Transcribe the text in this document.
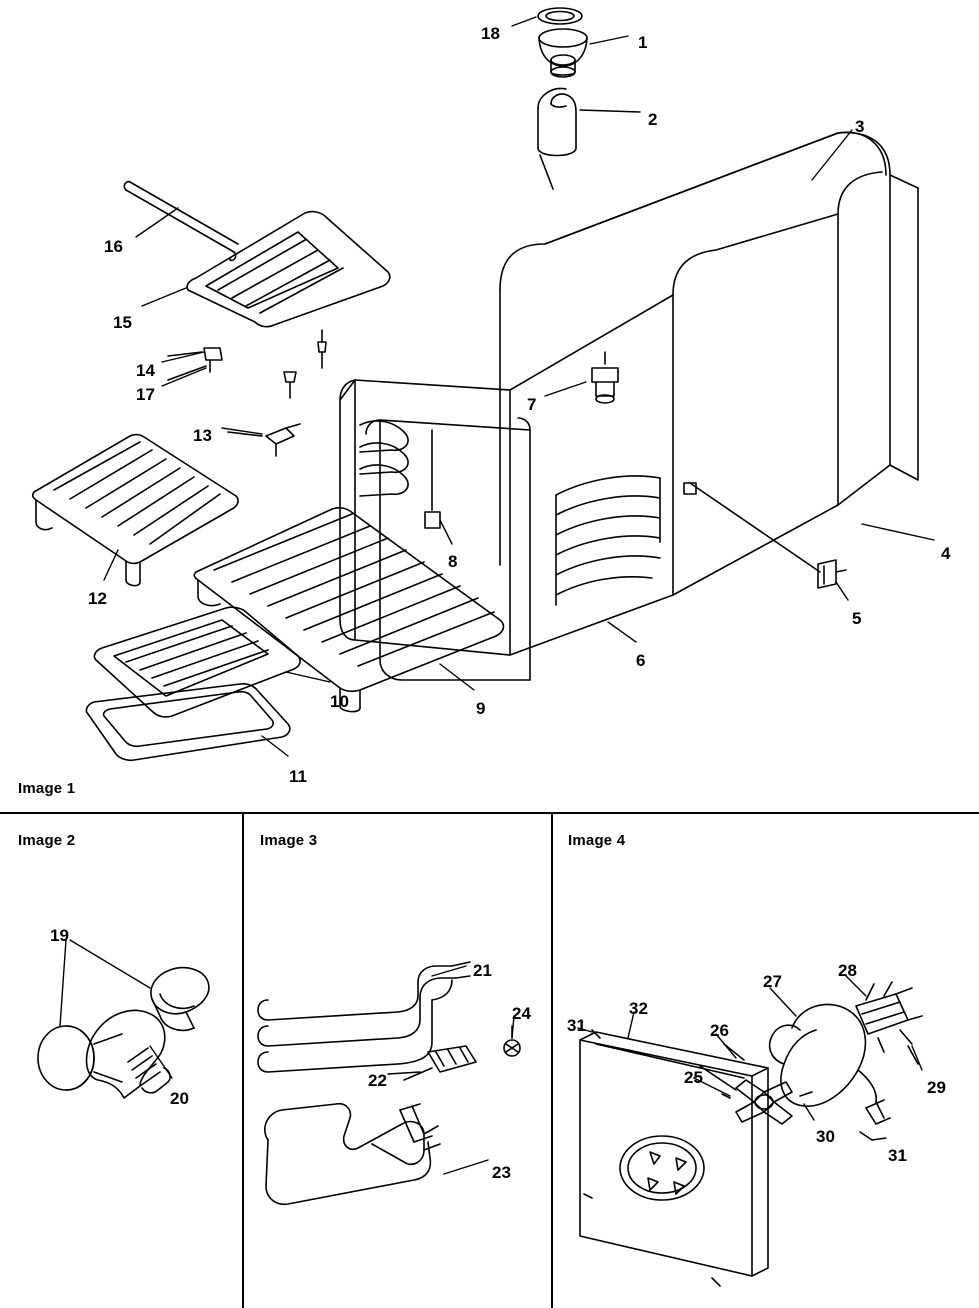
Image 1
Image 2	Image 3	Image 4
18	1
2	3
16
15
14
17
7
13
4
8
5
12
6
10	9
11
19
20
21
24
22
23
27
28
32
31	26
29
25
30
31
